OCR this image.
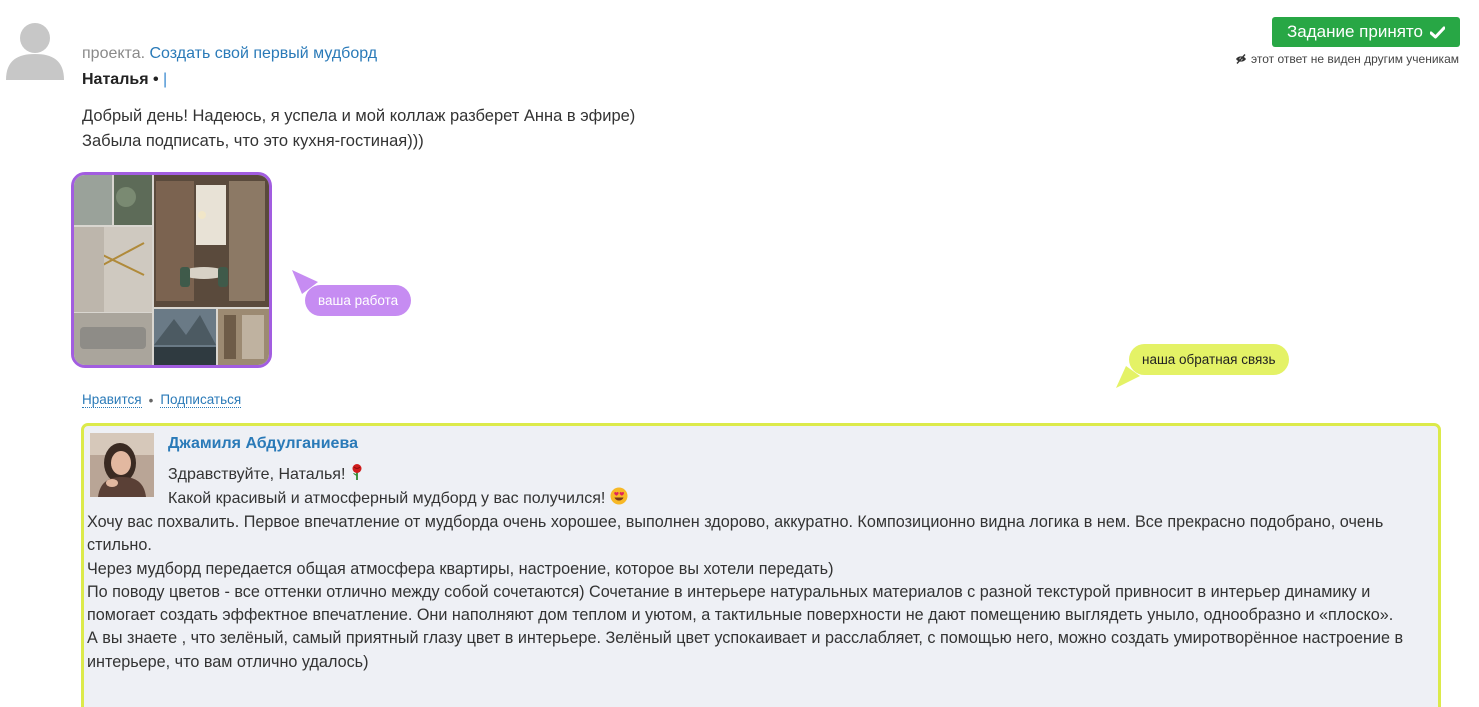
проекта. Создать свой первый мудборд
Наталья • |
Добрый день! Надеюсь, я успела и мой коллаж разберет Анна в эфире)
Забыла подписать, что это кухня-гостиная)))
Задание принято
этот ответ не виден другим ученикам
ваша работа
наша обратная связь
Нравится • Подписаться
Джамиля Абдулганиева
Здравствуйте, Наталья!
Какой красивый и атмосферный мудборд у вас получился!
Хочу вас похвалить. Первое впечатление от мудборда очень хорошее, выполнен здорово, аккуратно. Композиционно видна логика в нем. Все прекрасно подобрано, очень стильно.
Через мудборд передается общая атмосфера квартиры, настроение, которое вы хотели передать)
По поводу цветов - все оттенки отлично между собой сочетаются) Сочетание в интерьере натуральных материалов с разной текстурой привносит в интерьер динамику и помогает создать эффектное впечатление. Они наполняют дом теплом и уютом, а тактильные поверхности не дают помещению выглядеть уныло, однообразно и «плоско».
А вы знаете , что зелёный, самый приятный глазу цвет в интерьере. Зелёный цвет успокаивает и расслабляет, с помощью него, можно создать умиротворённое настроение в интерьере, что вам отлично удалось)
